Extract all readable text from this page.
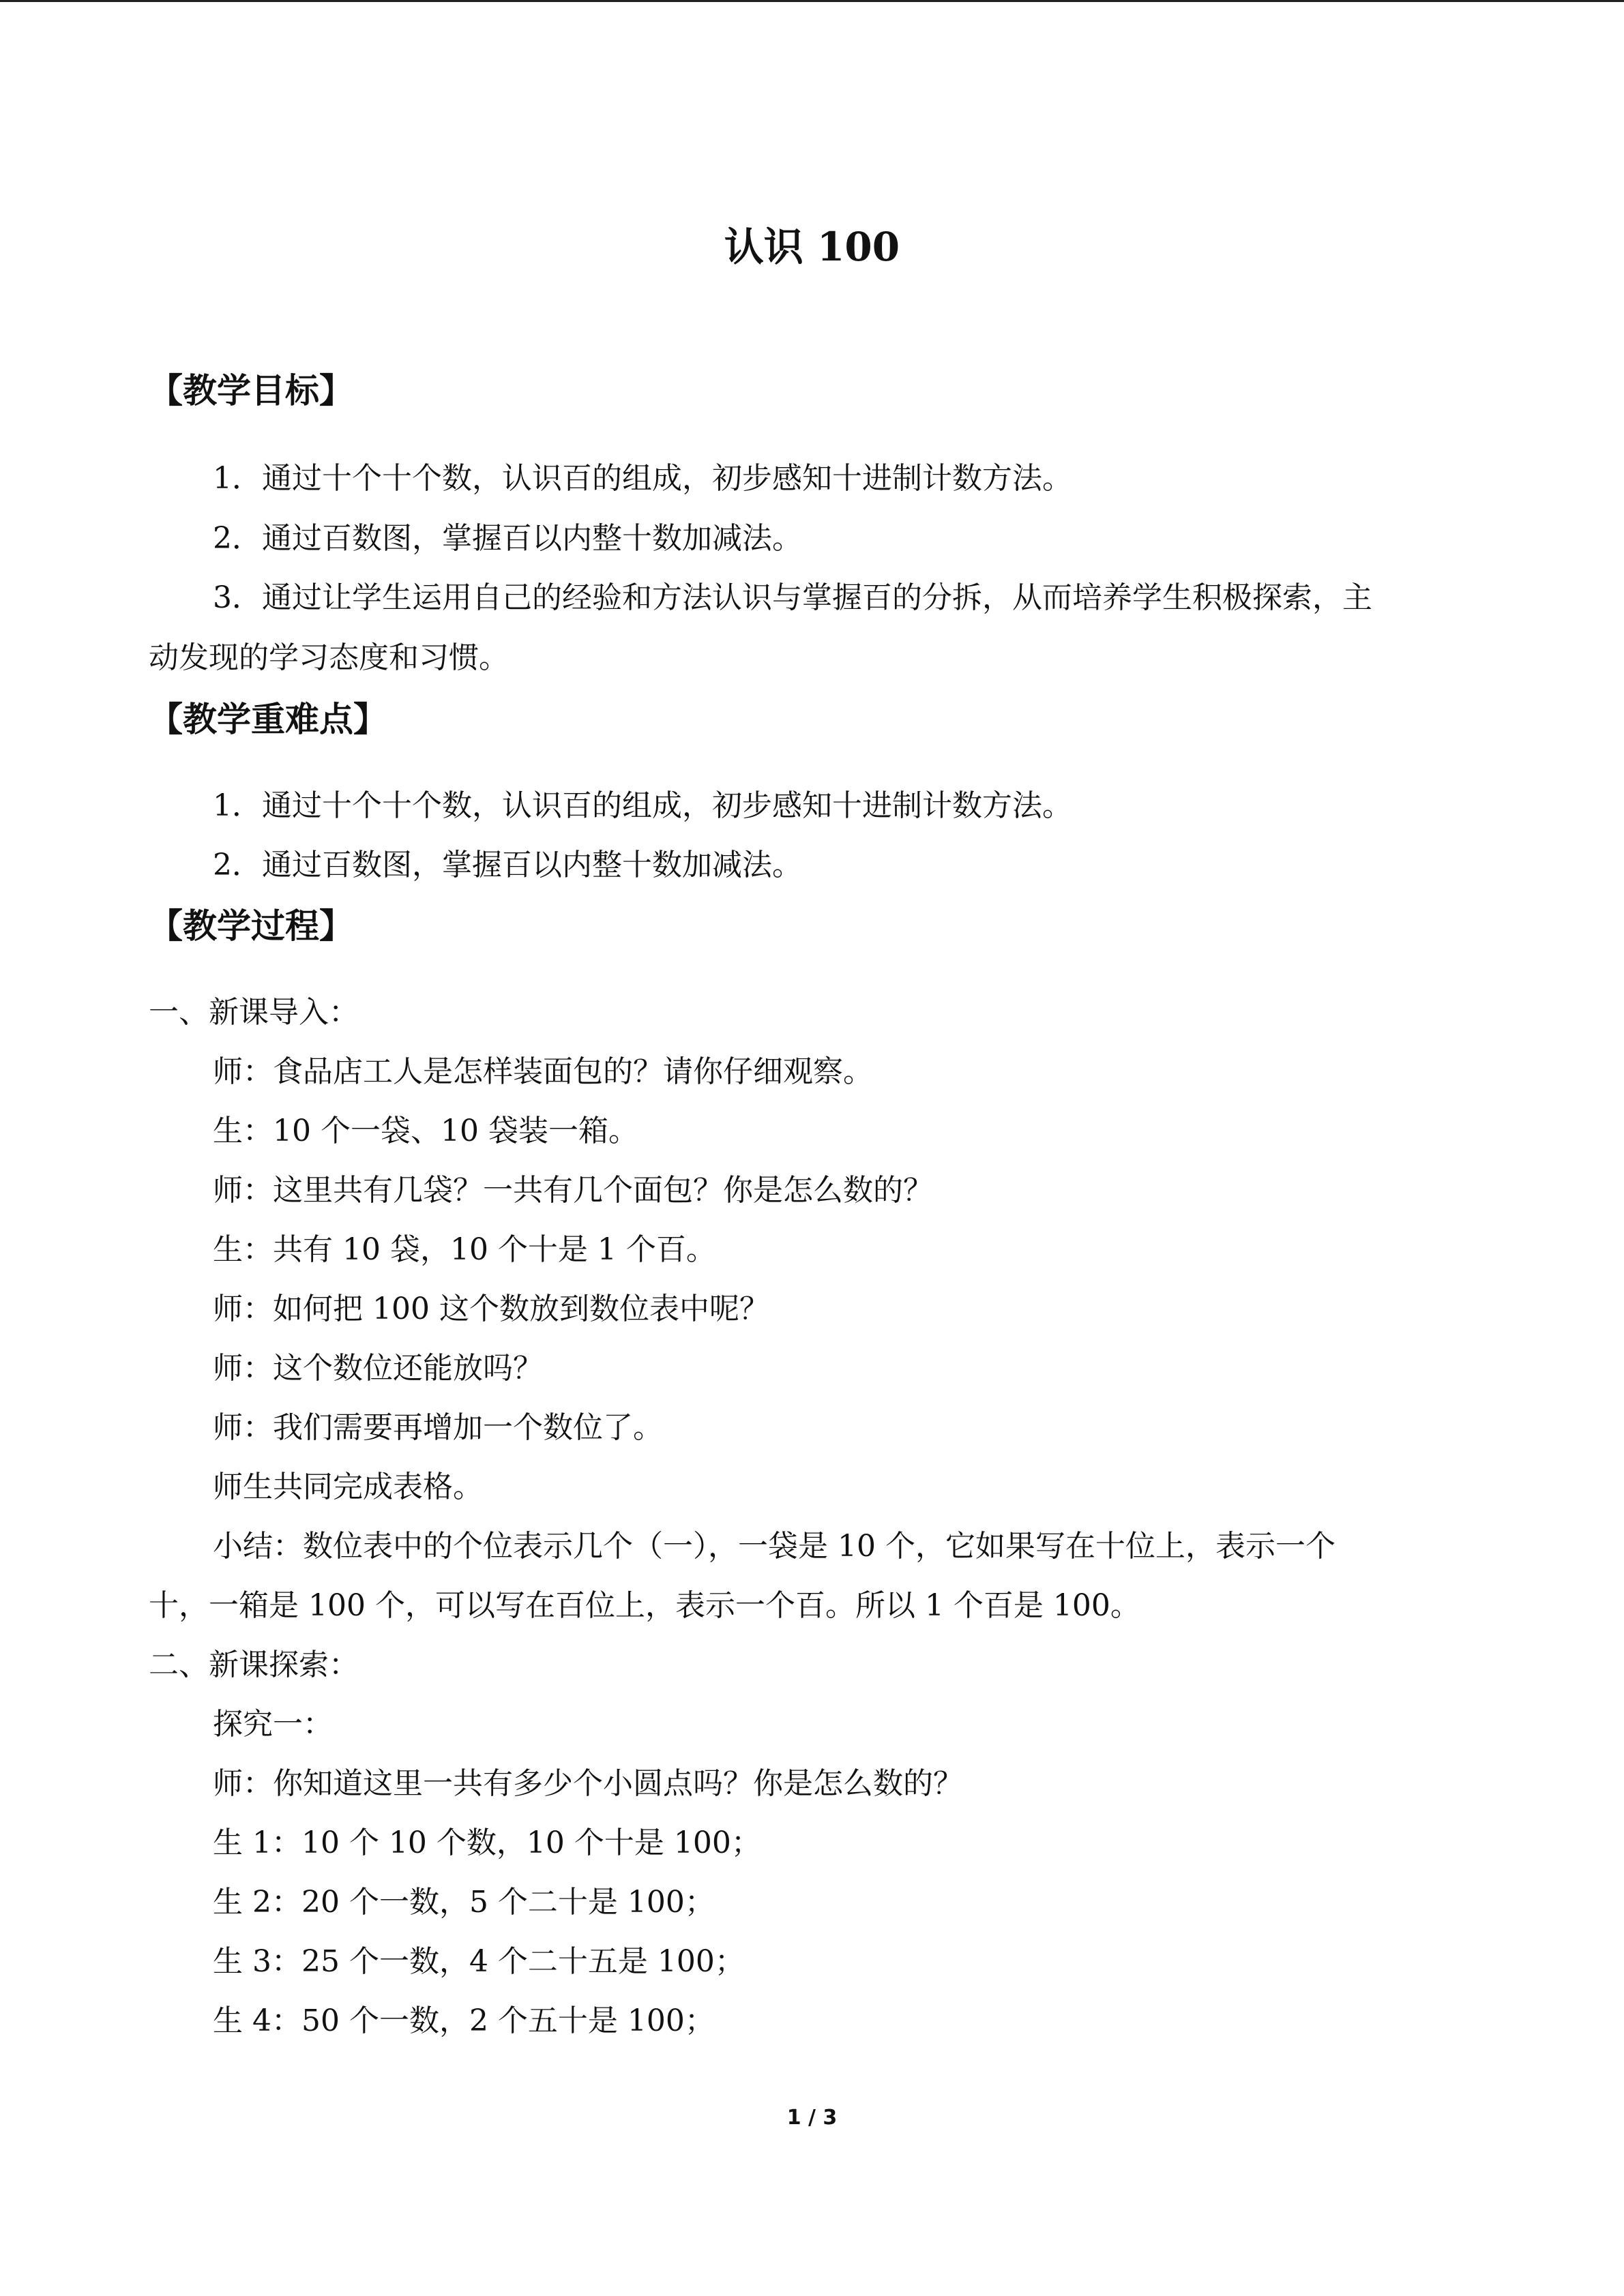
认识 100
【教学目标】
1．通过十个十个数，认识百的组成，初步感知十进制计数方法。
2．通过百数图，掌握百以内整十数加减法。
3．通过让学生运用自己的经验和方法认识与掌握百的分拆，从而培养学生积极探索，主
动发现的学习态度和习惯。
【教学重难点】
1．通过十个十个数，认识百的组成，初步感知十进制计数方法。
2．通过百数图，掌握百以内整十数加减法。
【教学过程】
一、新课导入：
师：食品店工人是怎样装面包的？请你仔细观察。
生：10 个一袋、10 袋装一箱。
师：这里共有几袋？一共有几个面包？你是怎么数的？
生：共有 10 袋，10 个十是 1 个百。
师：如何把 100 这个数放到数位表中呢？
师：这个数位还能放吗？
师：我们需要再增加一个数位了。
师生共同完成表格。
小结：数位表中的个位表示几个（一），一袋是 10 个，它如果写在十位上，表示一个
十，一箱是 100 个，可以写在百位上，表示一个百。所以 1 个百是 100。
二、新课探索：
探究一：
师：你知道这里一共有多少个小圆点吗？你是怎么数的？
生 1：10 个 10 个数，10 个十是 100；
生 2：20 个一数，5 个二十是 100；
生 3：25 个一数，4 个二十五是 100；
生 4：50 个一数，2 个五十是 100；
1 / 3
